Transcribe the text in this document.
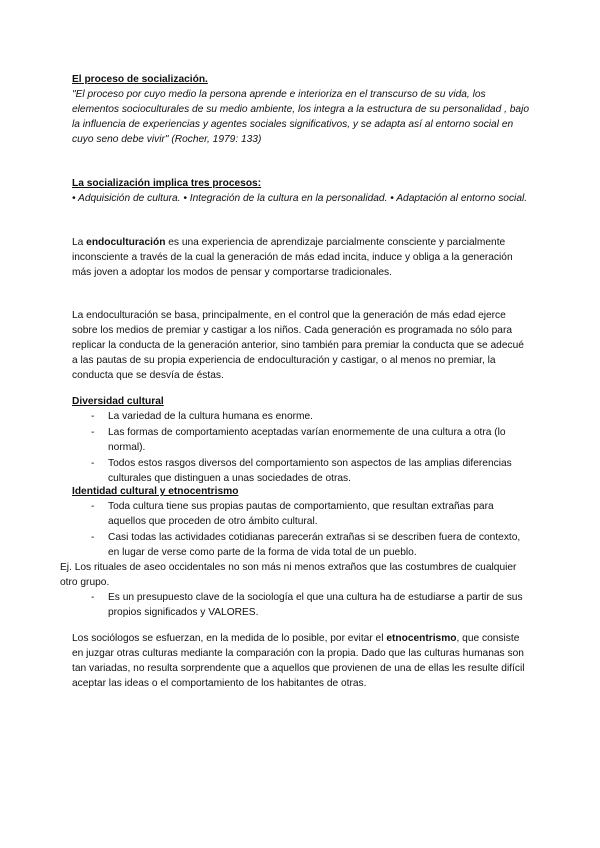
El proceso de socialización.
"El proceso por cuyo medio la persona aprende e interioriza en el transcurso de su vida, los elementos socioculturales de su medio ambiente, los integra a la estructura de su personalidad , bajo la influencia de experiencias y agentes sociales significativos, y se adapta así al entorno social en cuyo seno debe vivir" (Rocher, 1979: 133)
La socialización implica tres procesos:
• Adquisición de cultura. • Integración de la cultura en la personalidad. • Adaptación al entorno social.
La endoculturación es una experiencia de aprendizaje parcialmente consciente y parcialmente inconsciente a través de la cual la generación de más edad incita, induce y obliga a la generación más joven a adoptar los modos de pensar y comportarse tradicionales.
La endoculturación se basa, principalmente, en el control que la generación de más edad ejerce sobre los medios de premiar y castigar a los niños. Cada generación es programada no sólo para replicar la conducta de la generación anterior, sino también para premiar la conducta que se adecué a las pautas de su propia experiencia de endoculturación y castigar, o al menos no premiar, la conducta que se desvía de éstas.
Diversidad cultural
- La variedad de la cultura humana es enorme.
- Las formas de comportamiento aceptadas varían enormemente de una cultura a otra (lo normal).
- Todos estos rasgos diversos del comportamiento son aspectos de las amplias diferencias culturales que distinguen a unas sociedades de otras.
Identidad cultural y etnocentrismo
- Toda cultura tiene sus propias pautas de comportamiento, que resultan extrañas para aquellos que proceden de otro ámbito cultural.
- Casi todas las actividades cotidianas parecerán extrañas si se describen fuera de contexto, en lugar de verse como parte de la forma de vida total de un pueblo.
Ej. Los rituales de aseo occidentales no son más ni menos extraños que las costumbres de cualquier otro grupo.
- Es un presupuesto clave de la sociología el que una cultura ha de estudiarse a partir de sus propios significados y VALORES.
Los sociólogos se esfuerzan, en la medida de lo posible, por evitar el etnocentrismo, que consiste en juzgar otras culturas mediante la comparación con la propia. Dado que las culturas humanas son tan variadas, no resulta sorprendente que a aquellos que provienen de una de ellas les resulte difícil aceptar las ideas o el comportamiento de los habitantes de otras.
